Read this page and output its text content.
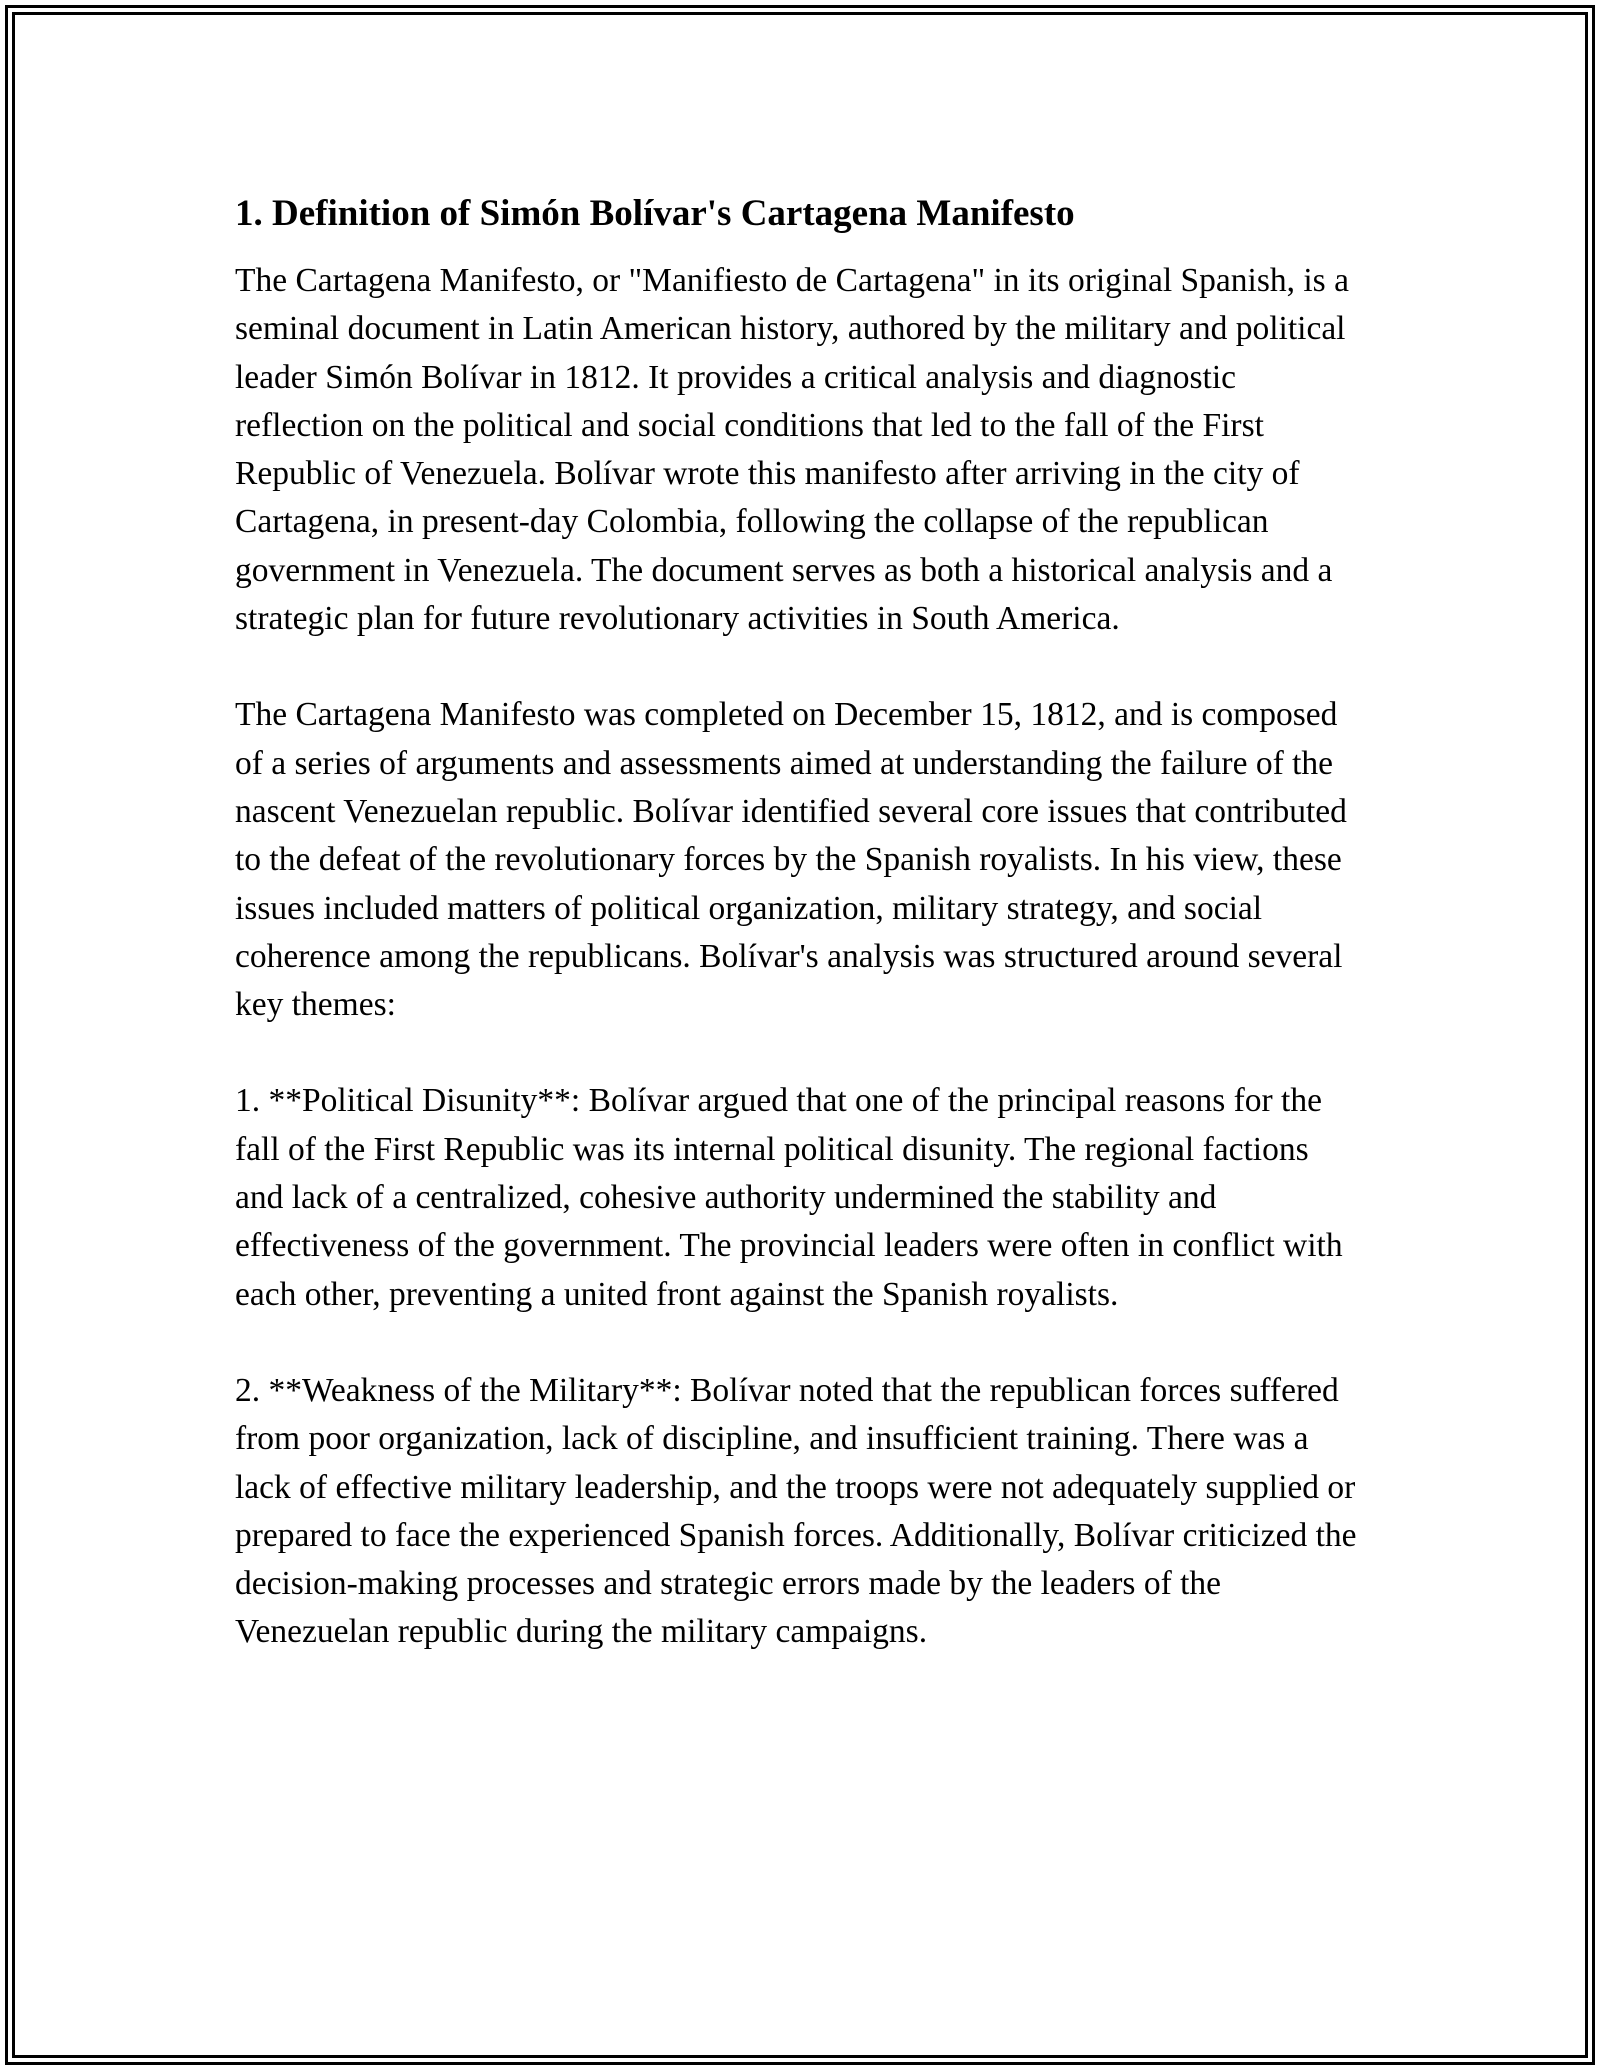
1. Definition of Simón Bolívar's Cartagena Manifesto

The Cartagena Manifesto, or "Manifiesto de Cartagena" in its original Spanish, is a seminal document in Latin American history, authored by the military and political leader Simón Bolívar in 1812. It provides a critical analysis and diagnostic reflection on the political and social conditions that led to the fall of the First Republic of Venezuela. Bolívar wrote this manifesto after arriving in the city of Cartagena, in present-day Colombia, following the collapse of the republican government in Venezuela. The document serves as both a historical analysis and a strategic plan for future revolutionary activities in South America.

The Cartagena Manifesto was completed on December 15, 1812, and is composed of a series of arguments and assessments aimed at understanding the failure of the nascent Venezuelan republic. Bolívar identified several core issues that contributed to the defeat of the revolutionary forces by the Spanish royalists. In his view, these issues included matters of political organization, military strategy, and social coherence among the republicans. Bolívar's analysis was structured around several key themes:

1. **Political Disunity**: Bolívar argued that one of the principal reasons for the fall of the First Republic was its internal political disunity. The regional factions and lack of a centralized, cohesive authority undermined the stability and effectiveness of the government. The provincial leaders were often in conflict with each other, preventing a united front against the Spanish royalists.

2. **Weakness of the Military**: Bolívar noted that the republican forces suffered from poor organization, lack of discipline, and insufficient training. There was a lack of effective military leadership, and the troops were not adequately supplied or prepared to face the experienced Spanish forces. Additionally, Bolívar criticized the decision-making processes and strategic errors made by the leaders of the Venezuelan republic during the military campaigns.
